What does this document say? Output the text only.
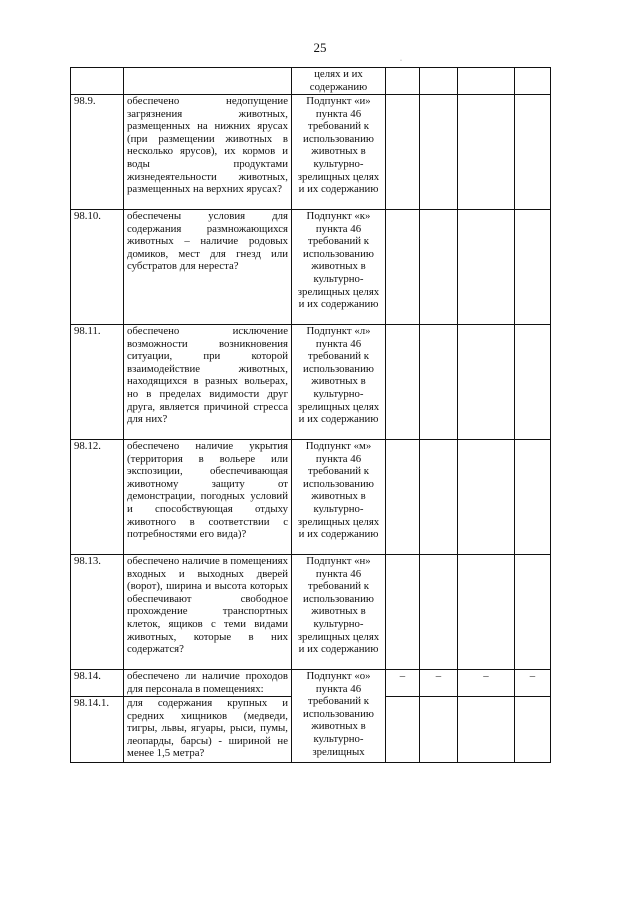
25
·
		целях и их содержанию				
98.9.	обеспечено недопущение загрязнения животных, размещенных на нижних ярусах (при размещении животных в несколько ярусов), их кормов и воды продуктами жизнедеятельности животных, размещенных на верхних ярусах?	Подпункт «и» пункта 46 требований к использованию животных в культурно-зрелищных целях и их содержанию				
98.10.	обеспечены условия для содержания размножающихся животных – наличие родовых домиков, мест для гнезд или субстратов для нереста?	Подпункт «к» пункта 46 требований к использованию животных в культурно-зрелищных целях и их содержанию				
98.11.	обеспечено исключение возможности возникновения ситуации, при которой взаимодействие животных, находящихся в разных вольерах, но в пределах видимости друг друга, является причиной стресса для них?	Подпункт «л» пункта 46 требований к использованию животных в культурно-зрелищных целях и их содержанию				
98.12.	обеспечено наличие укрытия (территория в вольере или экспозиции, обеспечивающая животному защиту от демонстрации, погодных условий и способствующая отдыху животного в соответствии с потребностями его вида)?	Подпункт «м» пункта 46 требований к использованию животных в культурно-зрелищных целях и их содержанию				
98.13.	обеспечено наличие в помещениях входных и выходных дверей (ворот), ширина и высота которых обеспечивают свободное прохождение транспортных клеток, ящиков с теми видами животных, которые в них содержатся?	Подпункт «н» пункта 46 требований к использованию животных в культурно-зрелищных целях и их содержанию				
98.14.	обеспечено ли наличие проходов для персонала в помещениях:	Подпункт «о» пункта 46 требований к использованию животных в культурно-зрелищных	–	–	–	–
98.14.1.	для содержания крупных и средних хищников (медведи, тигры, львы, ягуары, рыси, пумы, леопарды, барсы) - шириной не менее 1,5 метра?					
